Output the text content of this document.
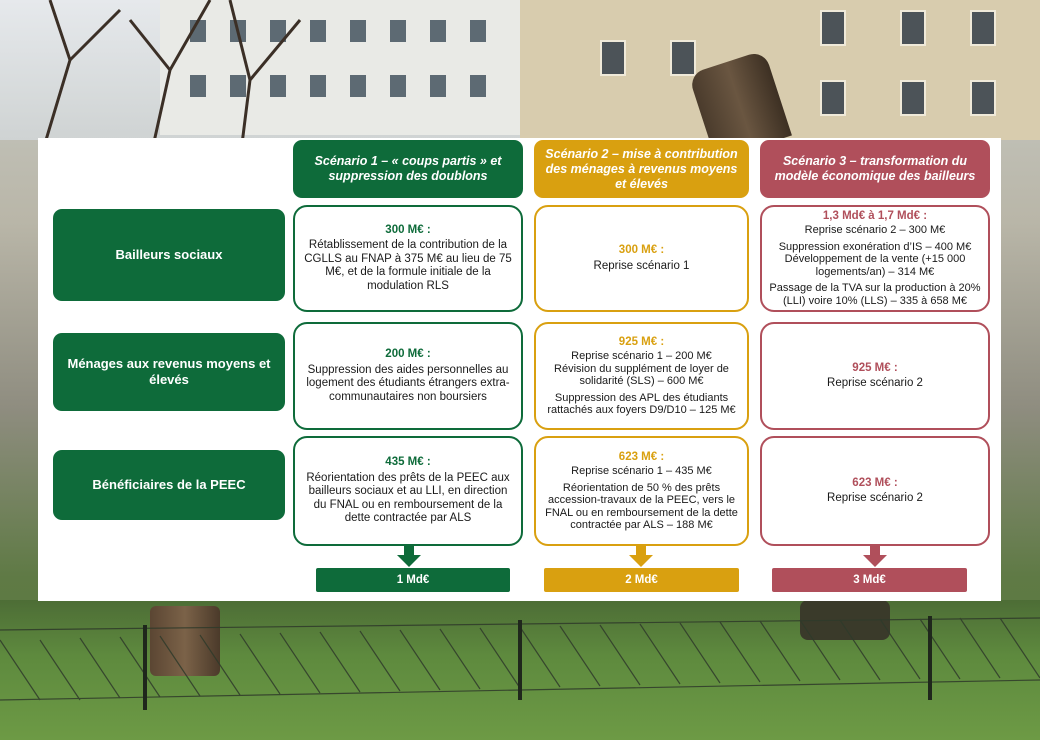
Scénario 1 – « coups partis » et suppression des doublons
Scénario 2 – mise à contribution des ménages à revenus moyens et élevés
Scénario 3 – transformation du modèle économique des bailleurs
Bailleurs sociaux
300 M€ :
Rétablissement de la contribution de la CGLLS au FNAP à 375 M€ au lieu de 75 M€, et de la formule initiale de la modulation RLS
300 M€ :
Reprise scénario 1
1,3 Md€ à 1,7 Md€ :
Reprise scénario 2 – 300 M€
Suppression exonération d’IS – 400 M€
Développement de la vente (+15 000 logements/an) – 314 M€
Passage de la TVA sur la production à 20% (LLI) voire 10% (LLS) – 335 à 658 M€
Ménages aux revenus moyens et élevés
200 M€ :
Suppression des aides personnelles au logement des étudiants étrangers extra-communautaires non boursiers
925 M€ :
Reprise scénario 1 – 200 M€
Révision du supplément de loyer de solidarité (SLS) – 600 M€
Suppression des APL des étudiants rattachés aux foyers D9/D10 – 125 M€
925 M€ :
Reprise scénario 2
Bénéficiaires de la PEEC
435 M€ :
Réorientation des prêts de la PEEC aux bailleurs sociaux et au LLI, en direction du FNAL ou en remboursement de la dette contractée par ALS
623 M€ :
Reprise scénario 1 – 435 M€
Réorientation de 50 % des prêts accession-travaux de la PEEC, vers le FNAL ou en remboursement de la dette contractée par ALS – 188 M€
623 M€ :
Reprise scénario 2
1 Md€	2 Md€	3 Md€
